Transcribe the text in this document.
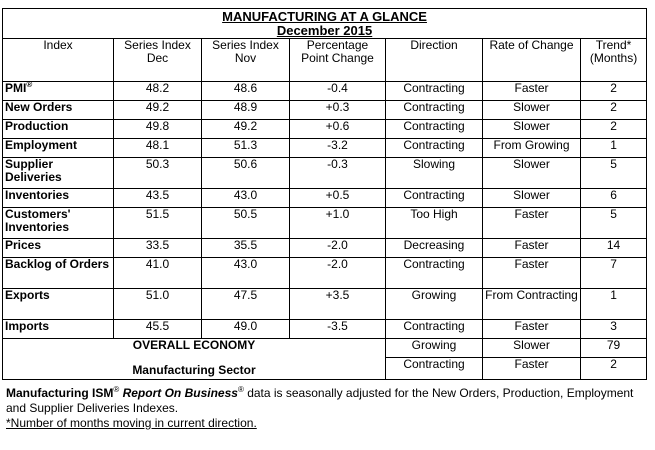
MANUFACTURING AT A GLANCE
December 2015						

Index	Series Index Dec	Series Index Nov	Percentage Point Change	Direction	Rate of Change	Trend* (Months)
PMI®	48.2	48.6	-0.4	Contracting	Faster	2
New Orders	49.2	48.9	+0.3	Contracting	Slower	2
Production	49.8	49.2	+0.6	Contracting	Slower	2
Employment	48.1	51.3	-3.2	Contracting	From Growing	1
Supplier Deliveries	50.3	50.6	-0.3	Slowing	Slower	5
Inventories	43.5	43.0	+0.5	Contracting	Slower	6
Customers' Inventories	51.5	50.5	+1.0	Too High	Faster	5
Prices	33.5	35.5	-2.0	Decreasing	Faster	14
Backlog of Orders	41.0	43.0	-2.0	Contracting	Faster	7
Exports	51.0	47.5	+3.5	Growing	From Contracting	1
Imports	45.5	49.0	-3.5	Contracting	Faster	3

OVERALL ECONOMY
Manufacturing Sector				Growing	Slower	79
				Contracting	Faster	2
Manufacturing ISM® Report On Business® data is seasonally adjusted for the New Orders, Production, Employment and Supplier Deliveries Indexes.
*Number of months moving in current direction.
